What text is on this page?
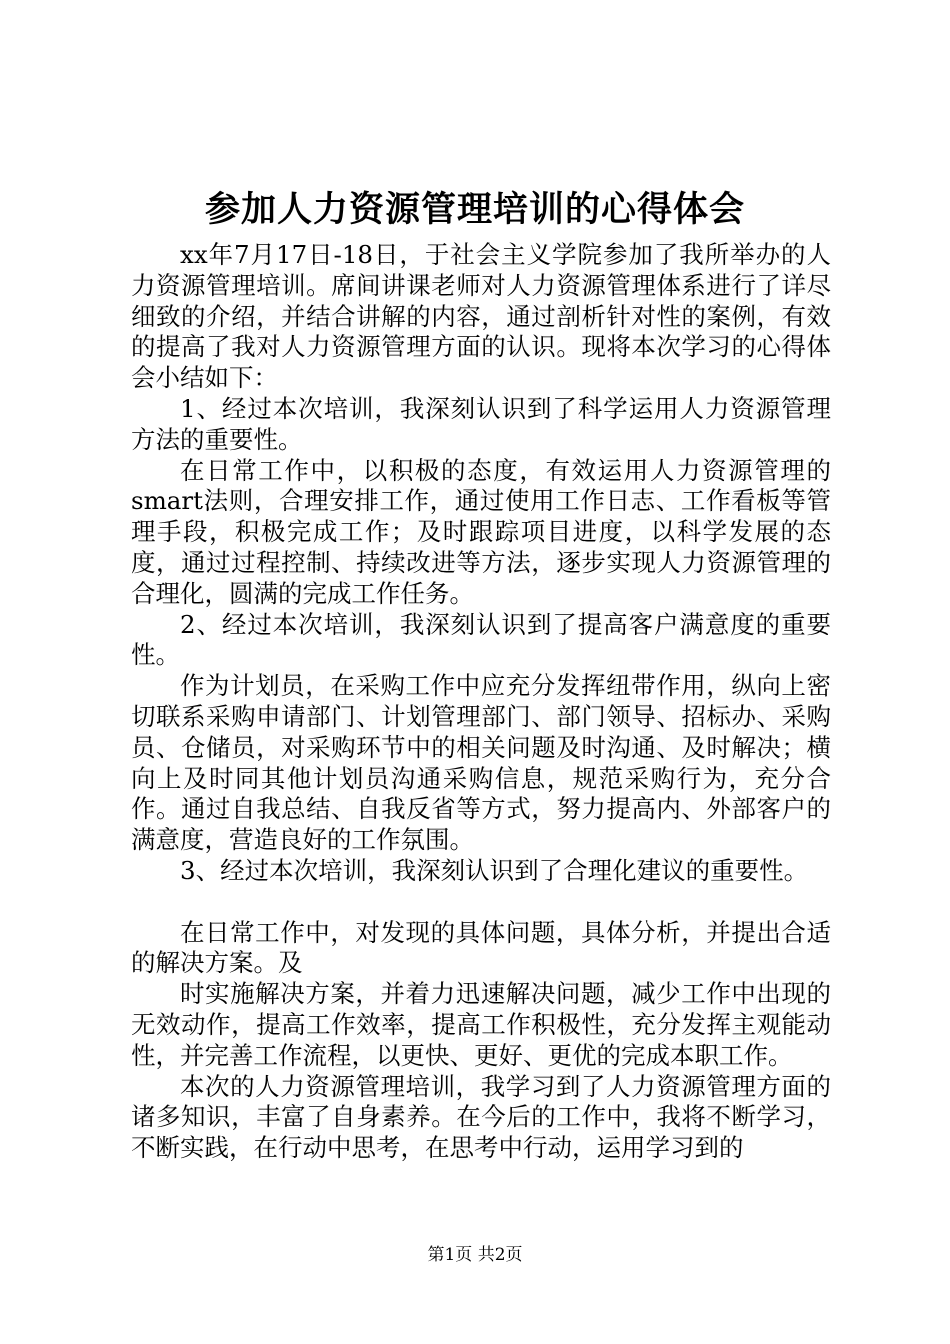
参加人力资源管理培训的心得体会

xx年7月17日-18日，于社会主义学院参加了我所举办的人力资源管理培训。席间讲课老师对人力资源管理体系进行了详尽细致的介绍，并结合讲解的内容，通过剖析针对性的案例，有效的提高了我对人力资源管理方面的认识。现将本次学习的心得体会小结如下：

1、经过本次培训，我深刻认识到了科学运用人力资源管理方法的重要性。

在日常工作中，以积极的态度，有效运用人力资源管理的smart法则，合理安排工作，通过使用工作日志、工作看板等管理手段，积极完成工作；及时跟踪项目进度，以科学发展的态度，通过过程控制、持续改进等方法，逐步实现人力资源管理的合理化，圆满的完成工作任务。

2、经过本次培训，我深刻认识到了提高客户满意度的重要性。

作为计划员，在采购工作中应充分发挥纽带作用，纵向上密切联系采购申请部门、计划管理部门、部门领导、招标办、采购员、仓储员，对采购环节中的相关问题及时沟通、及时解决；横向上及时同其他计划员沟通采购信息，规范采购行为，充分合作。通过自我总结、自我反省等方式，努力提高内、外部客户的满意度，营造良好的工作氛围。

3、经过本次培训，我深刻认识到了合理化建议的重要性。

在日常工作中，对发现的具体问题，具体分析，并提出合适的解决方案。及

时实施解决方案，并着力迅速解决问题，减少工作中出现的无效动作，提高工作效率，提高工作积极性，充分发挥主观能动性，并完善工作流程，以更快、更好、更优的完成本职工作。

本次的人力资源管理培训，我学习到了人力资源管理方面的诸多知识，丰富了自身素养。在今后的工作中，我将不断学习，不断实践，在行动中思考，在思考中行动，运用学习到的

第1页 共2页
